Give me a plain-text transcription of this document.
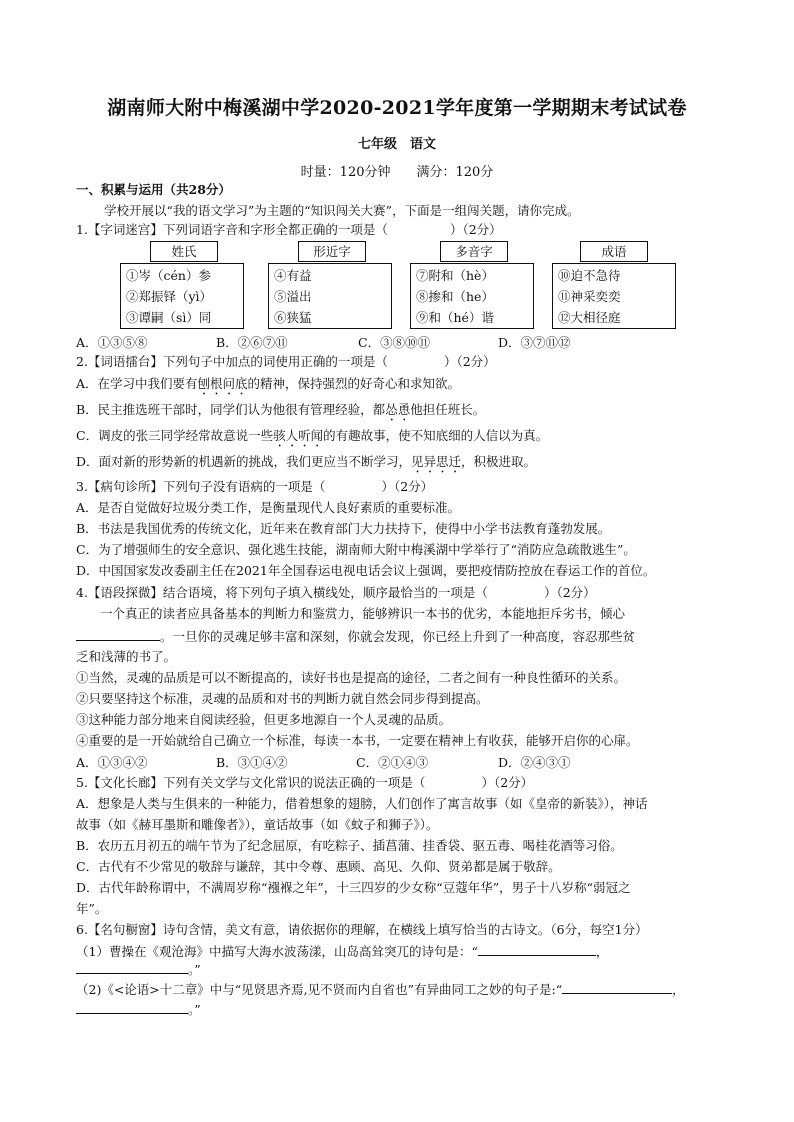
湖南师大附中梅溪湖中学2020-2021学年度第一学期期末考试试卷
七年级　语文
时量：120分钟　　满分：120分
一、积累与运用（共28分）
学校开展以“我的语文学习”为主题的“知识闯关大赛”，下面是一组闯关题，请你完成。
1.【字词迷宫】下列词语字音和字形全都正确的一项是（	）（2分）
姓氏
①岑（cén）参
②郑振铎（yì）
③谭嗣（sì）同
形近字
④有益
⑤溢出
⑥狭猛
多音字
⑦附和（hè）
⑧掺和（he）
⑨和（hé）谐
成语
⑩迫不急待
⑪神采奕奕
⑫大相径庭
A．①③⑤⑧	B．②⑥⑦⑪	C．③⑧⑩⑪	D．③⑦⑪⑫
2.【词语擂台】下列句子中加点的词使用正确的一项是（	）（2分）
A．在学习中我们要有刨根问底的精神，保持强烈的好奇心和求知欲。
B．民主推选班干部时，同学们认为他很有管理经验，都怂恿他担任班长。
C．调皮的张三同学经常故意说一些骇人听闻的有趣故事，使不知底细的人信以为真。
D．面对新的形势新的机遇新的挑战，我们更应当不断学习，见异思迁，积极进取。
3.【病句诊所】下列句子没有语病的一项是（	）（2分）
A．是否自觉做好垃圾分类工作，是衡量现代人良好素质的重要标准。
B．书法是我国优秀的传统文化，近年来在教育部门大力扶持下，使得中小学书法教育蓬勃发展。
C．为了增强师生的安全意识、强化逃生技能，湖南师大附中梅溪湖中学举行了“消防应急疏散逃生”。
D．中国国家发改委副主任在2021年全国春运电视电话会议上强调，要把疫情防控放在春运工作的首位。
4.【语段探微】结合语境，将下列句子填入横线处，顺序最恰当的一项是（	）（2分）
一个真正的读者应具备基本的判断力和鉴赏力，能够辨识一本书的优劣，本能地拒斥劣书，倾心
。一旦你的灵魂足够丰富和深刻，你就会发现，你已经上升到了一种高度，容忍那些贫
乏和浅薄的书了。
①当然，灵魂的品质是可以不断提高的，读好书也是提高的途径，二者之间有一种良性循环的关系。
②只要坚持这个标准，灵魂的品质和对书的判断力就自然会同步得到提高。
③这种能力部分地来自阅读经验，但更多地源自一个人灵魂的品质。
④重要的是一开始就给自己确立一个标准，每读一本书，一定要在精神上有收获，能够开启你的心扉。
A．①③④②	B．③①④②	C．②①④③	D．②④③①
5.【文化长廊】下列有关文学与文化常识的说法正确的一项是（	）（2分）
A．想象是人类与生俱来的一种能力，借着想象的翅膀，人们创作了寓言故事（如《皇帝的新装》），神话
故事（如《赫耳墨斯和雕像者》），童话故事（如《蚊子和狮子》）。
B．农历五月初五的端午节为了纪念屈原，有吃粽子、插菖蒲、挂香袋、驱五毒、喝桂花酒等习俗。
C．古代有不少常见的敬辞与谦辞，其中令尊、惠顾、高见、久仰、贤弟都是属于敬辞。
D．古代年龄称谓中，不满周岁称“襁褓之年”，十三四岁的少女称“豆蔻年华”，男子十八岁称“弱冠之
年”。
6.【名句橱窗】诗句含情，美文有意，请依据你的理解，在横线上填写恰当的古诗文。（6分，每空1分）
（1）曹操在《观沧海》中描写大海水波荡漾，山岛高耸突兀的诗句是：“	，
。”
（2)《<论语>十二章》中与“见贤思齐焉,见不贤而内自省也”有异曲同工之妙的句子是:“	，
。”
